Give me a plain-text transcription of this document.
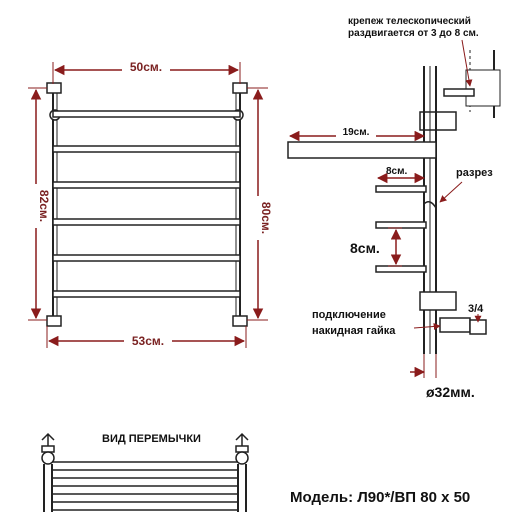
50см.
53см.
82см.	80см.
крепеж телескопический
раздвигается от 3 до 8 см.
19см.
8см.	разрез
8см.
подключение
накидная гайка
3/4
ø32мм.
ВИД ПЕРЕМЫЧКИ
Модель: Л90*/ВП 80 х 50
